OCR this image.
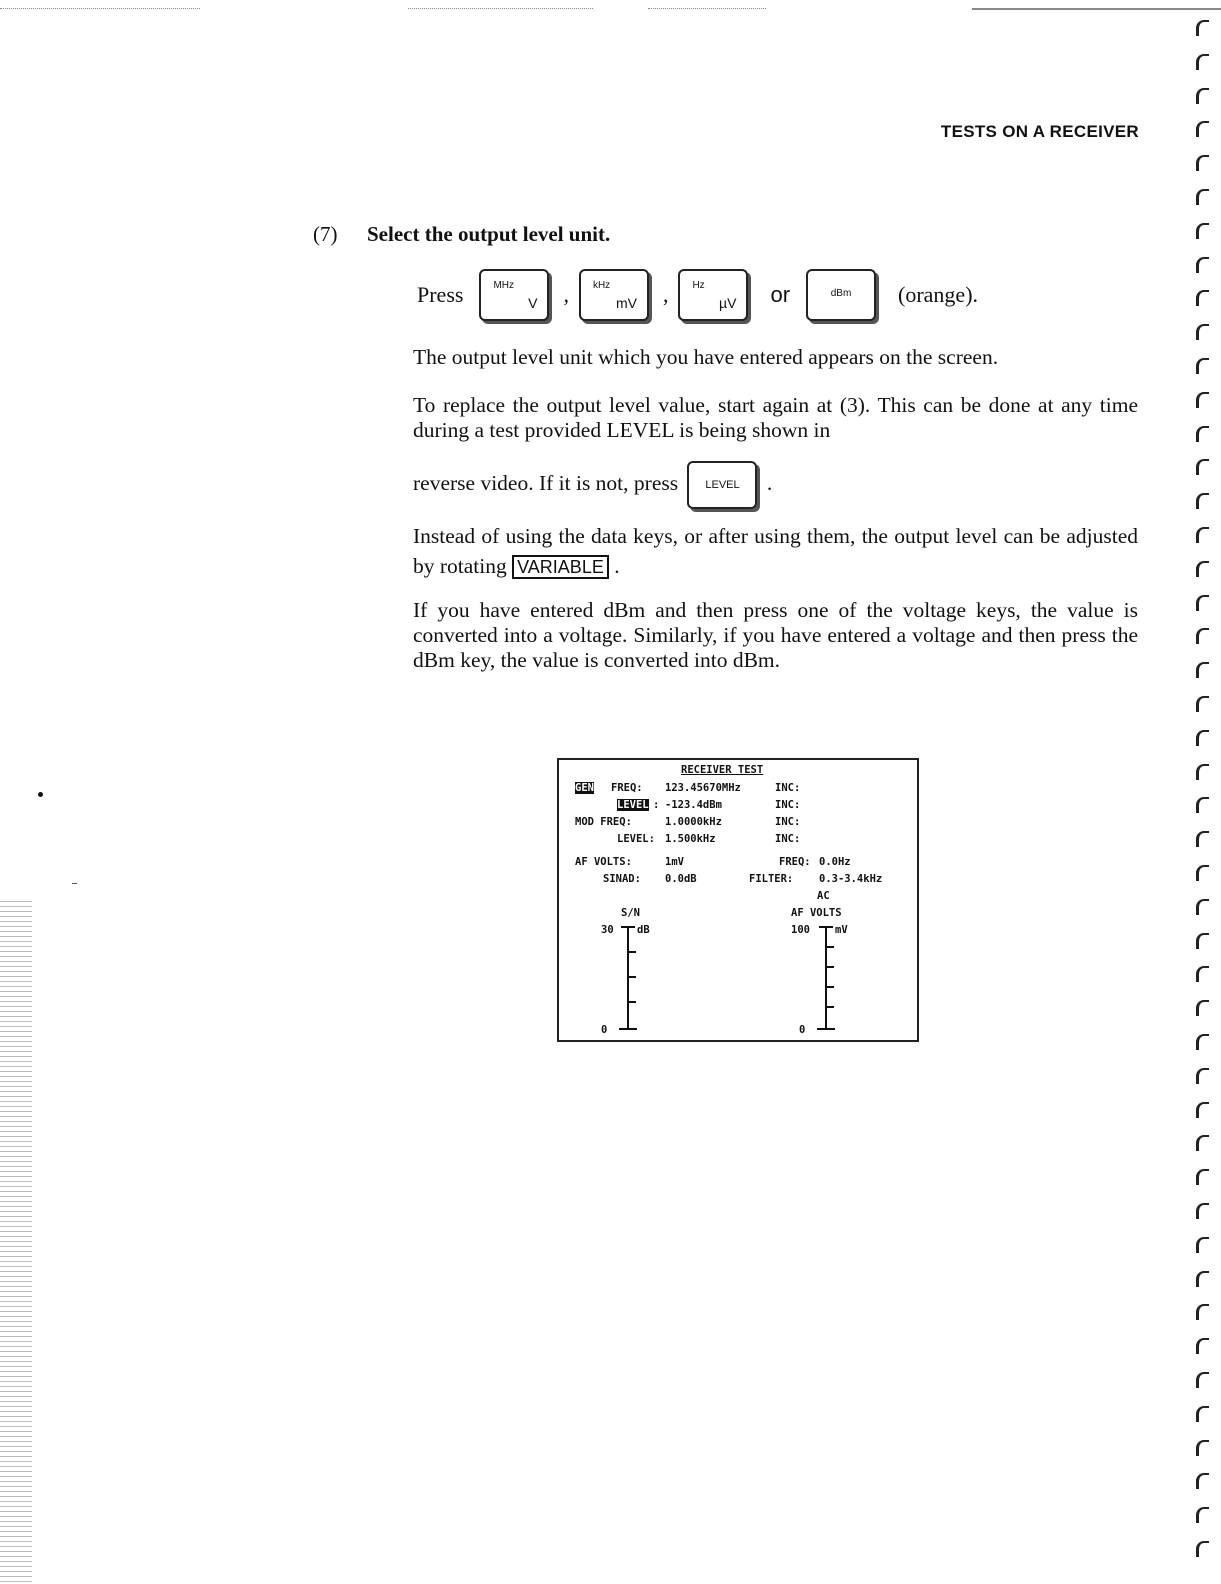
TESTS ON A RECEIVER
(7) Select the output level unit.
Press	MHz
V , kHz
mV , Hz
µV or	dBm	(orange).
The output level unit which you have entered appears on the screen.
To replace the output level value, start again at (3). This can be done at any time during a test provided LEVEL is being shown in
reverse video. If it is not, press LEVEL .
Instead of using the data keys, or after using them, the output level can be adjusted by rotating VARIABLE .
If you have entered dBm and then press one of the voltage keys, the value is converted into a voltage. Similarly, if you have entered a voltage and then press the dBm key, the value is converted into dBm.
RECEIVER TEST
GEN FREQ: 123.45670MHz	INC:
LEVEL : -123.4dBm	INC:
MOD FREQ:	1.0000kHz	INC:
LEVEL: 1.500kHz	INC:
AF VOLTS:	1mV	FREQ: 0.0Hz
SINAD: 0.0dB	FILTER: 0.3-3.4kHz
S/N
30 dB
0
AC
AF VOLTS
100 mV
0
